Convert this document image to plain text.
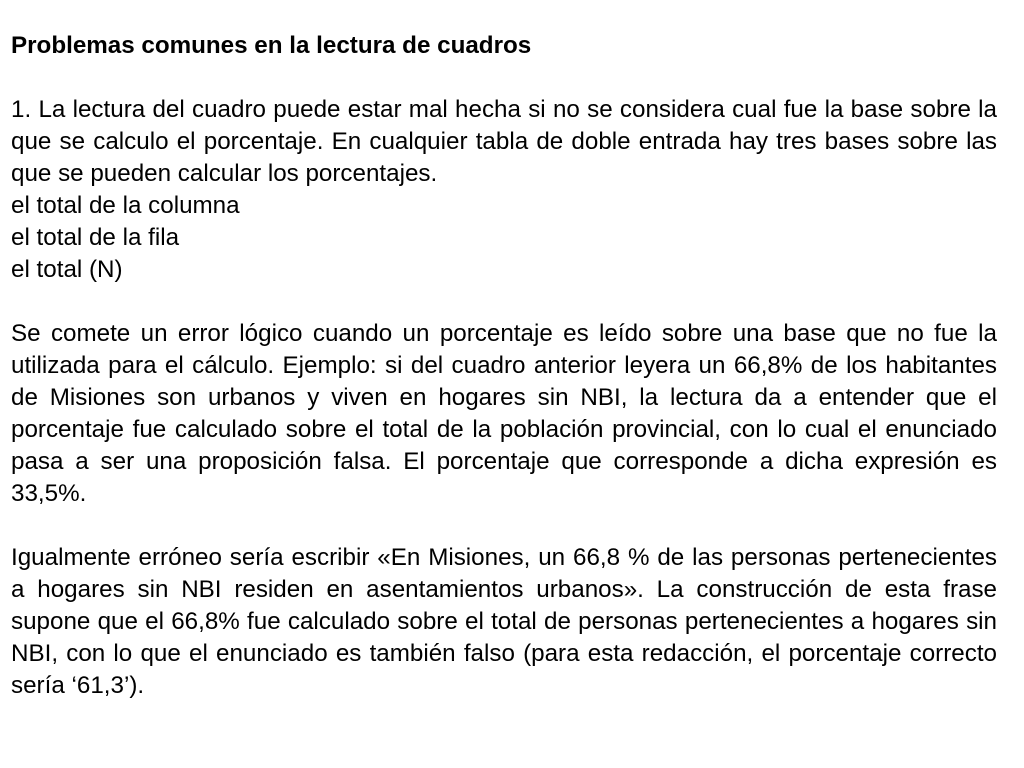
Problemas comunes en la lectura de cuadros

1. La lectura del cuadro puede estar mal hecha si no se considera cual fue la base sobre la que se calculo el porcentaje. En cualquier tabla de doble entrada hay tres bases sobre las que se pueden calcular los porcentajes.

el total de la columna

el total de la fila

el total (N)

Se comete un error lógico cuando un porcentaje es leído sobre una base que no fue la utilizada para el cálculo. Ejemplo: si del cuadro anterior leyera un 66,8% de los habitantes de Misiones son urbanos y viven en hogares sin NBI, la lectura da a entender que el porcentaje fue calculado sobre el total de la población provincial, con lo cual el enunciado pasa a ser una proposición falsa. El porcentaje que corresponde a dicha expresión es 33,5%.

Igualmente erróneo sería escribir «En Misiones, un 66,8 % de las personas pertenecientes a hogares sin NBI residen en asentamientos urbanos». La construcción de esta frase supone que el 66,8% fue calculado sobre el total de personas pertenecientes a hogares sin NBI, con lo que el enunciado es también falso (para esta redacción, el porcentaje correcto sería ‘61,3’).
